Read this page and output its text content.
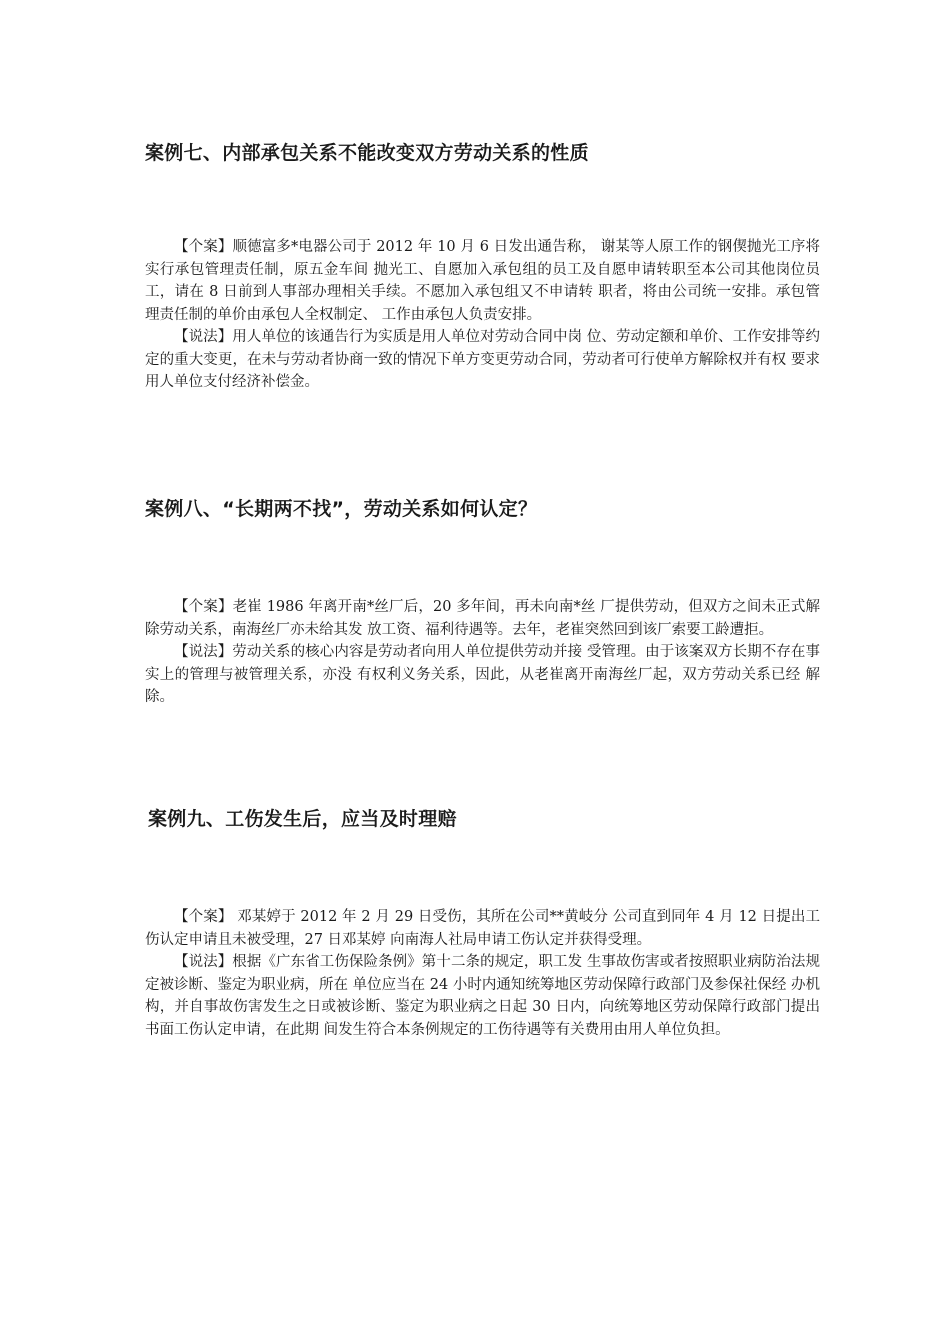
案例七、内部承包关系不能改变双方劳动关系的性质

【个案】顺德富多*电器公司于 2012 年 10 月 6 日发出通告称， 谢某等人原工作的钢偰抛光工序将实行承包管理责任制，原五金车间 抛光工、自愿加入承包组的员工及自愿申请转职至本公司其他岗位员 工，请在 8 日前到人事部办理相关手续。不愿加入承包组又不申请转 职者，将由公司统一安排。承包管理责任制的单价由承包人全权制定、 工作由承包人负责安排。

【说法】用人单位的该通告行为实质是用人单位对劳动合同中岗 位、劳动定额和单价、工作安排等约定的重大变更，在未与劳动者协商一致的情况下单方变更劳动合同，劳动者可行使单方解除权并有权 要求用人单位支付经济补偿金。

案例八、“长期两不找”，劳动关系如何认定？

【个案】老崔 1986 年离开南*丝厂后，20 多年间，再未向南*丝 厂提供劳动，但双方之间未正式解除劳动关系，南海丝厂亦未给其发 放工资、福利待遇等。去年，老崔突然回到该厂索要工龄遭拒。

【说法】劳动关系的核心内容是劳动者向用人单位提供劳动并接 受管理。由于该案双方长期不存在事实上的管理与被管理关系，亦没 有权利义务关系，因此，从老崔离开南海丝厂起，双方劳动关系已经 解除。

案例九、工伤发生后，应当及时理赔

【个案】 邓某婷于 2012 年 2 月 29 日受伤，其所在公司**黄岐分 公司直到同年 4 月 12 日提出工伤认定申请且未被受理，27 日邓某婷 向南海人社局申请工伤认定并获得受理。

【说法】根据《广东省工伤保险条例》第十二条的规定，职工发 生事故伤害或者按照职业病防治法规定被诊断、鉴定为职业病，所在 单位应当在 24 小时内通知统筹地区劳动保障行政部门及参保社保经 办机构，并自事故伤害发生之日或被诊断、鉴定为职业病之日起 30 日内，向统筹地区劳动保障行政部门提出书面工伤认定申请，在此期 间发生符合本条例规定的工伤待遇等有关费用由用人单位负担。
